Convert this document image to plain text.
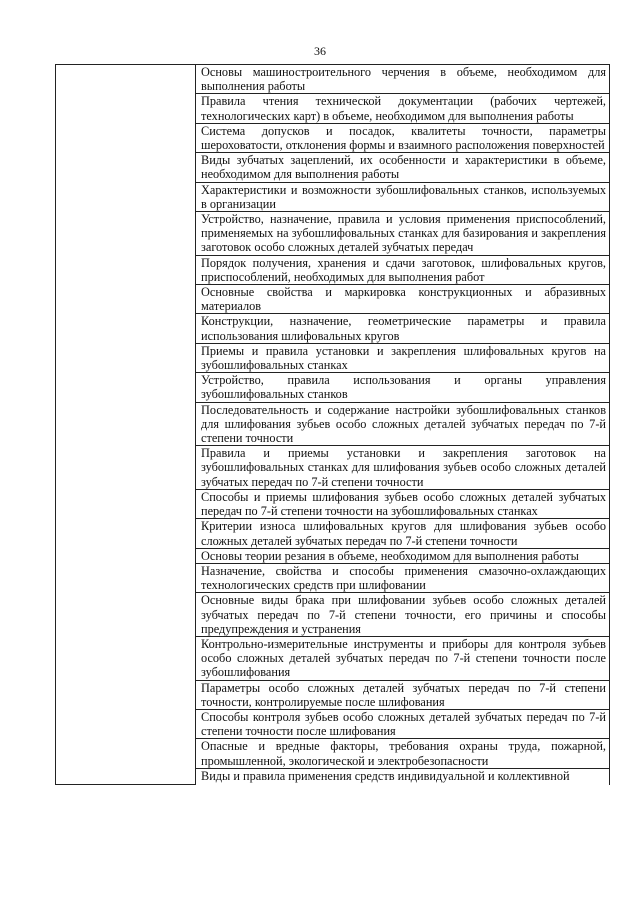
36
	Основы машиностроительного черчения в объеме, необходимом для выполнения работы
Правила чтения технической документации (рабочих чертежей, технологических карт) в объеме, необходимом для выполнения работы
Система допусков и посадок, квалитеты точности, параметры шероховатости, отклонения формы и взаимного расположения поверхностей
Виды зубчатых зацеплений, их особенности и характеристики в объеме, необходимом для выполнения работы
Характеристики и возможности зубошлифовальных станков, используемых в организации
Устройство, назначение, правила и условия применения приспособлений, применяемых на зубошлифовальных станках для базирования и закрепления заготовок особо сложных деталей зубчатых передач
Порядок получения, хранения и сдачи заготовок, шлифовальных кругов, приспособлений, необходимых для выполнения работ
Основные свойства и маркировка конструкционных и абразивных материалов
Конструкции, назначение, геометрические параметры и правила использования шлифовальных кругов
Приемы и правила установки и закрепления шлифовальных кругов на зубошлифовальных станках
Устройство, правила использования и органы управления зубошлифовальных станков
Последовательность и содержание настройки зубошлифовальных станков для шлифования зубьев особо сложных деталей зубчатых передач по 7-й степени точности
Правила и приемы установки и закрепления заготовок на зубошлифовальных станках для шлифования зубьев особо сложных деталей зубчатых передач по 7-й степени точности
Способы и приемы шлифования зубьев особо сложных деталей зубчатых передач по 7-й степени точности на зубошлифовальных станках
Критерии износа шлифовальных кругов для шлифования зубьев особо сложных деталей зубчатых передач по 7-й степени точности
Основы теории резания в объеме, необходимом для выполнения работы
Назначение, свойства и способы применения смазочно-охлаждающих технологических средств при шлифовании
Основные виды брака при шлифовании зубьев особо сложных деталей зубчатых передач по 7-й степени точности, его причины и способы предупреждения и устранения
Контрольно-измерительные инструменты и приборы для контроля зубьев особо сложных деталей зубчатых передач по 7-й степени точности после зубошлифования
Параметры особо сложных деталей зубчатых передач по 7-й степени точности, контролируемые после шлифования
Способы контроля зубьев особо сложных деталей зубчатых передач по 7-й степени точности после шлифования
Опасные и вредные факторы, требования охраны труда, пожарной, промышленной, экологической и электробезопасности
Виды и правила применения средств индивидуальной и коллективной
